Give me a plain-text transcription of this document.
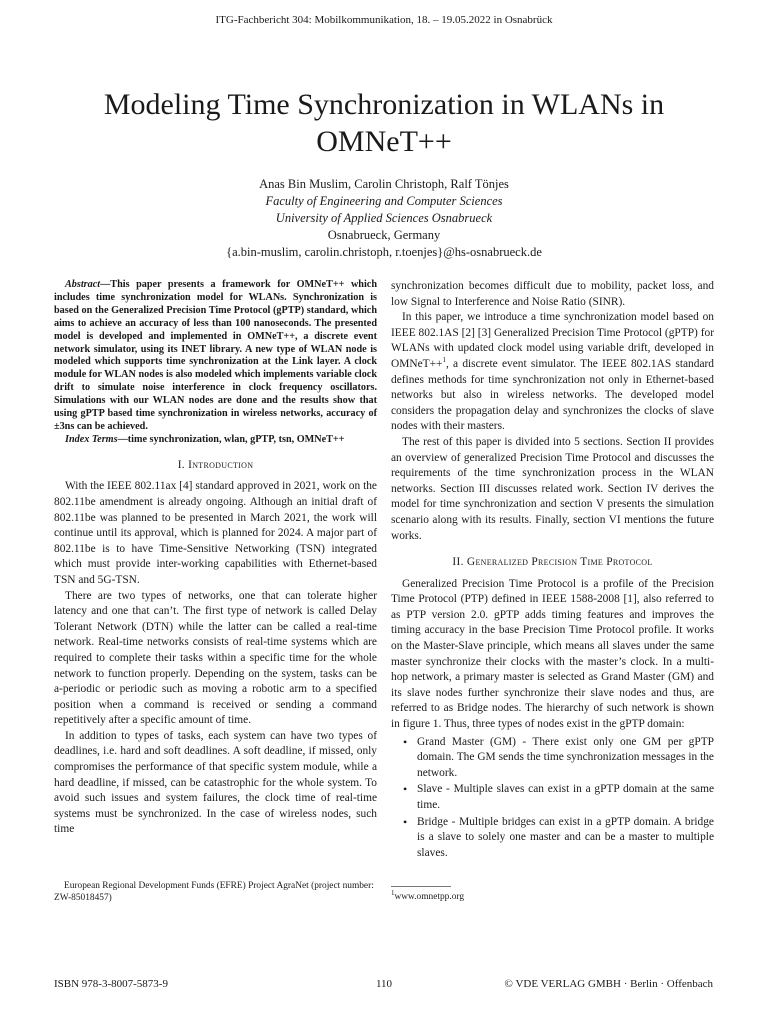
ITG-Fachbericht 304: Mobilkommunikation, 18. – 19.05.2022 in Osnabrück
Modeling Time Synchronization in WLANs in OMNeT++
Anas Bin Muslim, Carolin Christoph, Ralf Tönjes
Faculty of Engineering and Computer Sciences
University of Applied Sciences Osnabrueck
Osnabrueck, Germany
{a.bin-muslim, carolin.christoph, r.toenjes}@hs-osnabrueck.de

Abstract—This paper presents a framework for OMNeT++ which includes time synchronization model for WLANs. Synchronization is based on the Generalized Precision Time Protocol (gPTP) standard, which aims to achieve an accuracy of less than 100 nanoseconds. The presented model is developed and implemented in OMNeT++, a discrete event network simulator, using its INET library. A new type of WLAN node is modeled which supports time synchronization at the Link layer. A clock module for WLAN nodes is also modeled which implements variable clock drift to simulate noise interference in clock frequency oscillators. Simulations with our WLAN nodes are done and the results show that using gPTP based time synchronization in wireless networks, accuracy of ±3ns can be achieved.

Index Terms—time synchronization, wlan, gPTP, tsn, OMNeT++

I. Introduction

With the IEEE 802.11ax [4] standard approved in 2021, work on the 802.11be amendment is already ongoing. Although an initial draft of 802.11be was planned to be presented in March 2021, the work will continue until its approval, which is planned for 2024. A major part of 802.11be is to have Time-Sensitive Networking (TSN) integrated which must provide inter-working capabilities with Ethernet-based TSN and 5G-TSN.

There are two types of networks, one that can tolerate higher latency and one that can’t. The first type of network is called Delay Tolerant Network (DTN) while the latter can be called a real-time network. Real-time networks consists of real-time systems which are required to complete their tasks within a specific time for the whole network to function properly. Depending on the system, tasks can be a-periodic or periodic such as moving a robotic arm to a specified position when a command is received or sending a command repetitively after a specific amount of time.

In addition to types of tasks, each system can have two types of deadlines, i.e. hard and soft deadlines. A soft deadline, if missed, only compromises the performance of that specific system module, while a hard deadline, if missed, can be catastrophic for the whole system. To avoid such issues and system failures, the clock time of real-time systems must be synchronized. In the case of wireless nodes, such time

European Regional Development Funds (EFRE) Project AgraNet (project number: ZW-85018457)

synchronization becomes difficult due to mobility, packet loss, and low Signal to Interference and Noise Ratio (SINR).

In this paper, we introduce a time synchronization model based on IEEE 802.1AS [2] [3] Generalized Precision Time Protocol (gPTP) for WLANs with updated clock model using variable drift, developed in OMNeT++$^1$, a discrete event simulator. The IEEE 802.1AS standard defines methods for time synchronization not only in Ethernet-based networks but also in wireless networks. The developed model considers the propagation delay and synchronizes the clocks of slave nodes with their masters.

The rest of this paper is divided into 5 sections. Section II provides an overview of generalized Precision Time Protocol and discusses the requirements of the time synchronization process in the WLAN networks. Section III discusses related work. Section IV derives the model for time synchronization and section V presents the simulation scenario along with its results. Finally, section VI mentions the future works.

II. Generalized Precision Time Protocol

Generalized Precision Time Protocol is a profile of the Precision Time Protocol (PTP) defined in IEEE 1588-2008 [1], also referred to as PTP version 2.0. gPTP adds timing features and improves the timing accuracy in the base Precision Time Protocol profile. It works on the Master-Slave principle, which means all slaves under the same master synchronize their clocks with the master’s clock. In a multi-hop network, a primary master is selected as Grand Master (GM) and its slave nodes further synchronize their slave nodes and thus, are referred to as Bridge nodes. The hierarchy of such network is shown in figure 1. Thus, three types of nodes exist in the gPTP domain:

• Grand Master (GM) - There exist only one GM per gPTP domain. The GM sends the time synchronization messages in the network.
• Slave - Multiple slaves can exist in a gPTP domain at the same time.
• Bridge - Multiple bridges can exist in a gPTP domain. A bridge is a slave to solely one master and can be a master to multiple slaves.
$^1$www.omnetpp.org
ISBN 978-3-8007-5873-9	110	© VDE VERLAG GMBH · Berlin · Offenbach
